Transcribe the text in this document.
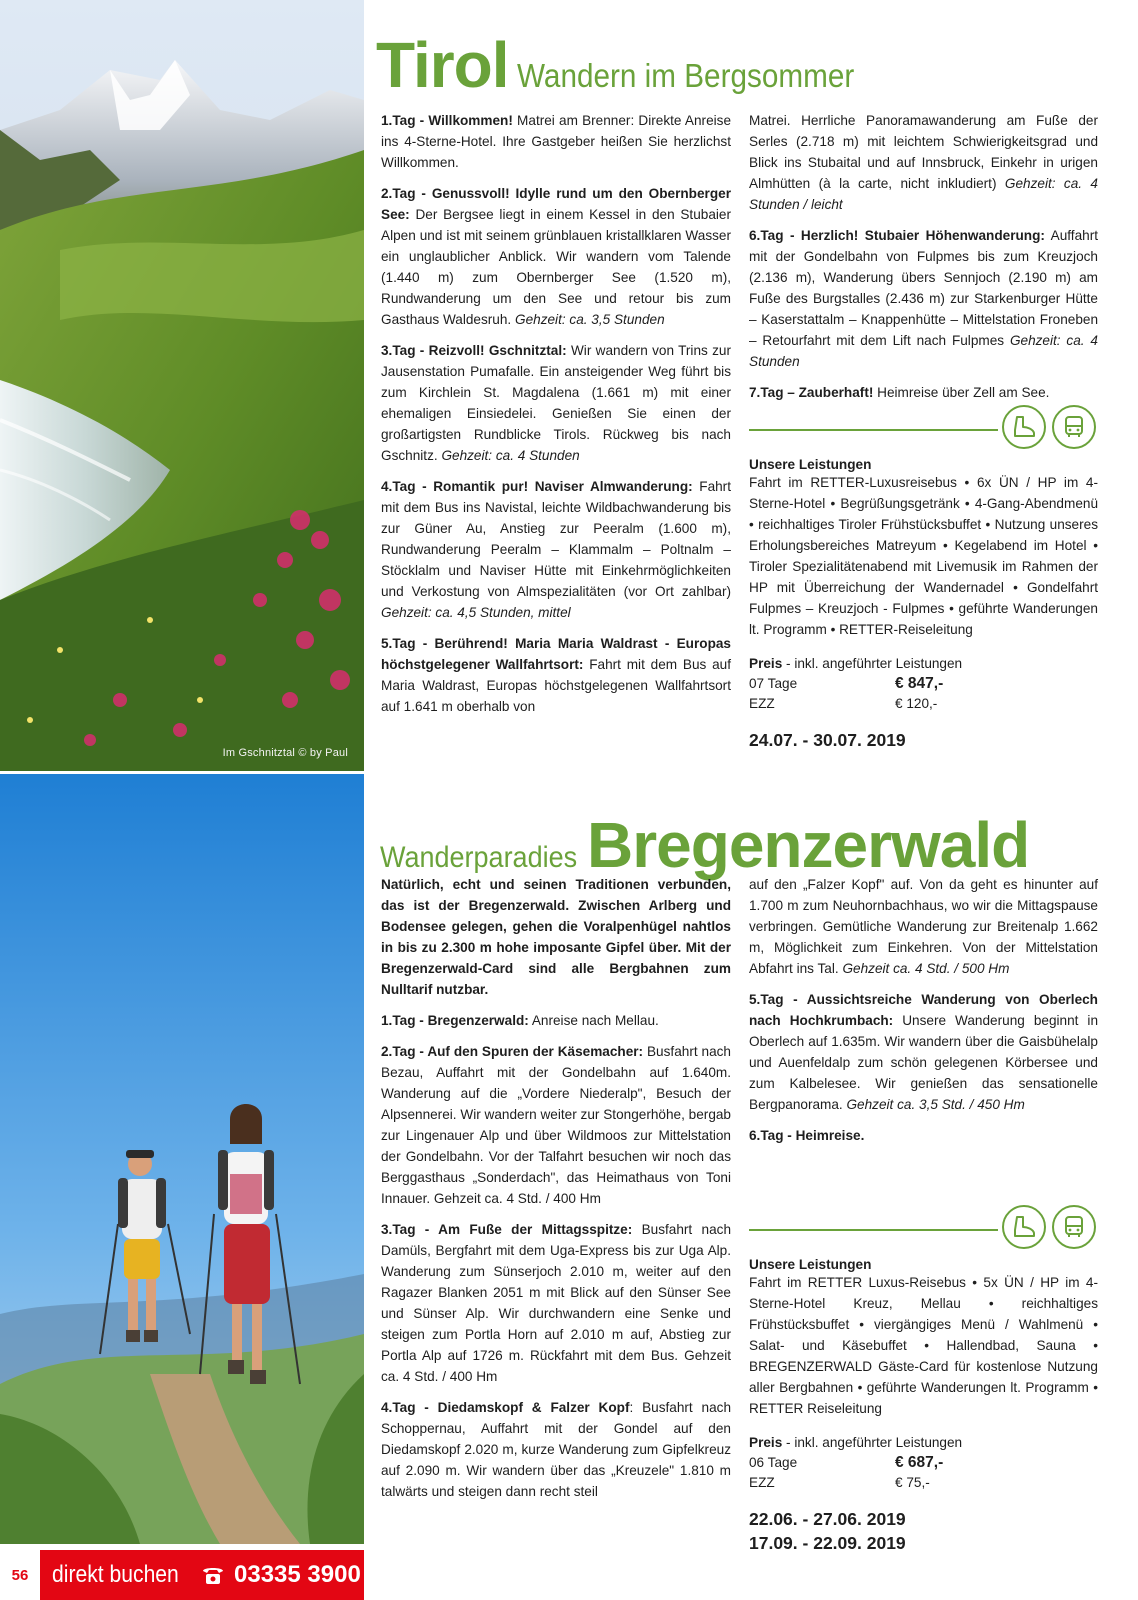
Im Gschnitztal © by Paul
Tirol Wandern im Bergsommer

1.Tag - Willkommen! Matrei am Brenner: Direkte Anreise ins 4-Sterne-Hotel. Ihre Gastgeber heißen Sie herzlichst Willkommen.

2.Tag - Genussvoll! Idylle rund um den Obernberger See: Der Bergsee liegt in einem Kessel in den Stubaier Alpen und ist mit seinem grünblauen kristallklaren Wasser ein unglaublicher Anblick. Wir wandern vom Talende (1.440 m) zum Obernberger See (1.520 m), Rundwanderung um den See und retour bis zum Gasthaus Waldesruh. Gehzeit: ca. 3,5 Stunden

3.Tag - Reizvoll! Gschnitztal: Wir wandern von Trins zur Jausenstation Pumafalle. Ein ansteigender Weg führt bis zum Kirchlein St. Magdalena (1.661 m) mit einer ehemaligen Einsiedelei. Genießen Sie einen der großartigsten Rundblicke Tirols. Rückweg bis nach Gschnitz. Gehzeit: ca. 4 Stunden

4.Tag - Romantik pur! Naviser Almwanderung: Fahrt mit dem Bus ins Navistal, leichte Wildbachwanderung bis zur Güner Au, Anstieg zur Peeralm (1.600 m), Rundwanderung Peeralm – Klammalm – Poltnalm – Stöcklalm und Naviser Hütte mit Einkehrmöglichkeiten und Verkostung von Almspezialitäten (vor Ort zahlbar) Gehzeit: ca. 4,5 Stunden, mittel

5.Tag - Berührend! Maria Maria Waldrast - Europas höchstgelegener Wallfahrtsort: Fahrt mit dem Bus auf Maria Waldrast, Europas höchstgelegenen Wallfahrtsort auf 1.641 m oberhalb von

Matrei. Herrliche Panoramawanderung am Fuße der Serles (2.718 m) mit leichtem Schwierigkeitsgrad und Blick ins Stubaital und auf Innsbruck, Einkehr in urigen Almhütten (à la carte, nicht inkludiert) Gehzeit: ca. 4 Stunden / leicht

6.Tag - Herzlich! Stubaier Höhenwanderung: Auffahrt mit der Gondelbahn von Fulpmes bis zum Kreuzjoch (2.136 m), Wanderung übers Sennjoch (2.190 m) am Fuße des Burgstalles (2.436 m) zur Starkenburger Hütte – Kaserstattalm – Knappenhütte – Mittelstation Froneben – Retourfahrt mit dem Lift nach Fulpmes Gehzeit: ca. 4 Stunden

7.Tag – Zauberhaft! Heimreise über Zell am See.

Unsere Leistungen
Fahrt im RETTER-Luxusreisebus • 6x ÜN / HP im 4-Sterne-Hotel • Begrüßungsgetränk • 4-Gang-Abendmenü • reichhaltiges Tiroler Frühstücksbuffet • Nutzung unseres Erholungsbereiches Matreyum • Kegelabend im Hotel • Tiroler Spezialitätenabend mit Livemusik im Rahmen der HP mit Überreichung der Wandernadel • Gondelfahrt Fulpmes – Kreuzjoch - Fulpmes • geführte Wanderungen lt. Programm • RETTER-Reiseleitung
Preis - inkl. angeführter Leistungen
07 Tage	€ 847,-
EZZ	€ 120,-
24.07. - 30.07. 2019
Wanderparadies Bregenzerwald

Natürlich, echt und seinen Traditionen verbunden, das ist der Bregenzerwald. Zwischen Arlberg und Bodensee gelegen, gehen die Voralpenhügel nahtlos in bis zu 2.300 m hohe imposante Gipfel über. Mit der Bregenzerwald-Card sind alle Bergbahnen zum Nulltarif nutzbar.

1.Tag - Bregenzerwald: Anreise nach Mellau.

2.Tag - Auf den Spuren der Käsemacher: Busfahrt nach Bezau, Auffahrt mit der Gondelbahn auf 1.640m. Wanderung auf die „Vordere Niederalp", Besuch der Alpsennerei. Wir wandern weiter zur Stongerhöhe, bergab zur Lingenauer Alp und über Wildmoos zur Mittelstation der Gondelbahn. Vor der Talfahrt besuchen wir noch das Berggasthaus „Sonderdach", das Heimathaus von Toni Innauer. Gehzeit ca. 4 Std. / 400 Hm

3.Tag - Am Fuße der Mittagsspitze: Busfahrt nach Damüls, Bergfahrt mit dem Uga-Express bis zur Uga Alp. Wanderung zum Sünserjoch 2.010 m, weiter auf den Ragazer Blanken 2051 m mit Blick auf den Sünser See und Sünser Alp. Wir durchwandern eine Senke und steigen zum Portla Horn auf 2.010 m auf, Abstieg zur Portla Alp auf 1726 m. Rückfahrt mit dem Bus. Gehzeit ca. 4 Std. / 400 Hm

4.Tag - Diedamskopf & Falzer Kopf: Busfahrt nach Schoppernau, Auffahrt mit der Gondel auf den Diedamskopf 2.020 m, kurze Wanderung zum Gipfelkreuz auf 2.090 m. Wir wandern über das „Kreuzele" 1.810 m talwärts und steigen dann recht steil

auf den „Falzer Kopf" auf. Von da geht es hinunter auf 1.700 m zum Neuhornbachhaus, wo wir die Mittagspause verbringen. Gemütliche Wanderung zur Breitenalp 1.662 m, Möglichkeit zum Einkehren. Von der Mittelstation Abfahrt ins Tal. Gehzeit ca. 4 Std. / 500 Hm

5.Tag - Aussichtsreiche Wanderung von Oberlech nach Hochkrumbach: Unsere Wanderung beginnt in Oberlech auf 1.635m. Wir wandern über die Gaisbühelalp und Auenfeldalp zum schön gelegenen Körbersee und zum Kalbelesee. Wir genießen das sensationelle Bergpanorama. Gehzeit ca. 3,5 Std. / 450 Hm

6.Tag - Heimreise.

Unsere Leistungen
Fahrt im RETTER Luxus-Reisebus • 5x ÜN / HP im 4-Sterne-Hotel Kreuz, Mellau • reichhaltiges Frühstücksbuffet • viergängiges Menü / Wahlmenü • Salat- und Käsebuffet • Hallendbad, Sauna • BREGENZERWALD Gäste-Card für kostenlose Nutzung aller Bergbahnen • geführte Wanderungen lt. Programm • RETTER Reiseleitung
Preis - inkl. angeführter Leistungen
06 Tage	€ 687,-
EZZ	€ 75,-
22.06. - 27.06. 2019
17.09. - 22.09. 2019
56 direkt buchen 03335 3900
